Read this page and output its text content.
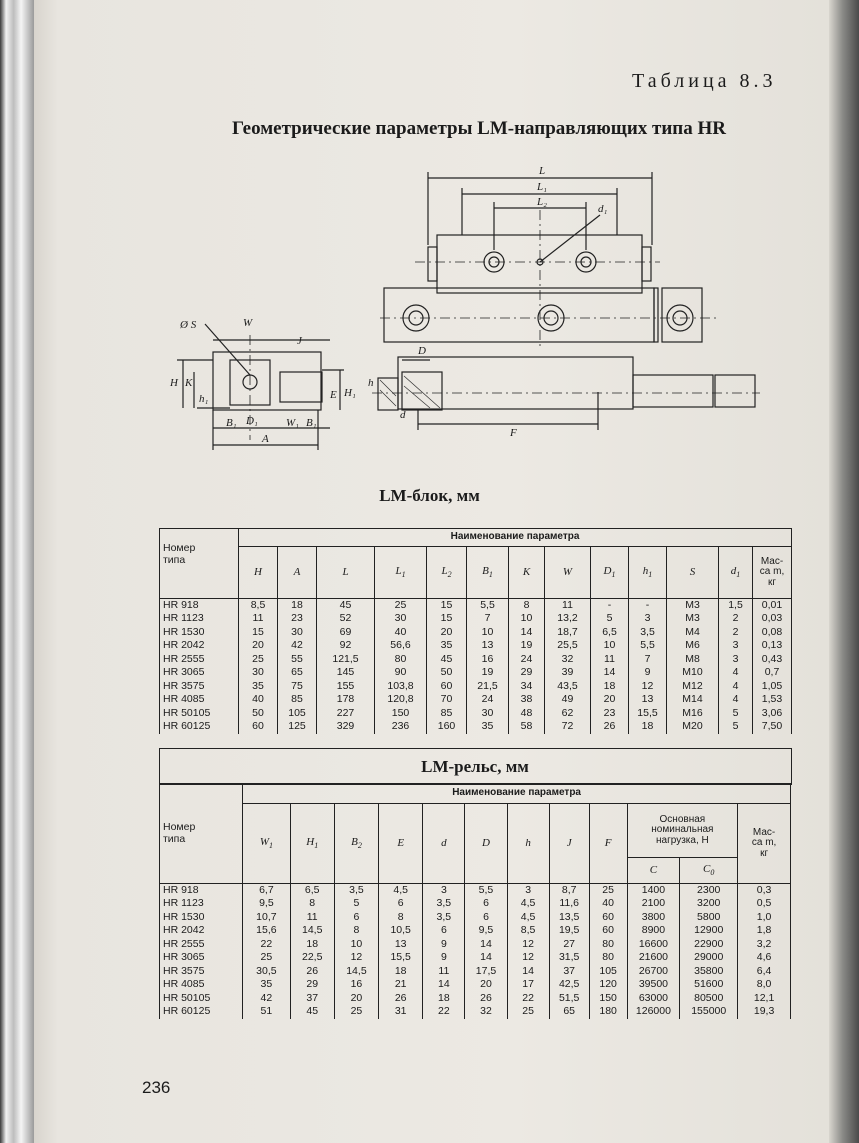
Таблица 8.3
Геометрические параметры LM-направляющих типа HR
L
L₁
L₂
d₁
Ø S	W
J
H K
h₁	E H₁
B₁ D₁	W₁ B₁
A
D
h
d
F
LM-блок, мм
Номер
типа	Наименование параметра												
	H	A	L	$L_1$	$L_2$	$B_1$	K	W	$D_1$	$h_1$	S	$d_1$	Мас-
са m,
кг
HR 918	8,5	18	45	25	15	5,5	8	11	-	-	M3	1,5	0,01
HR 1123	11	23	52	30	15	7	10	13,2	5	3	M3	2	0,03
HR 1530	15	30	69	40	20	10	14	18,7	6,5	3,5	M4	2	0,08
HR 2042	20	42	92	56,6	35	13	19	25,5	10	5,5	M6	3	0,13
HR 2555	25	55	121,5	80	45	16	24	32	11	7	M8	3	0,43
HR 3065	30	65	145	90	50	19	29	39	14	9	M10	4	0,7
HR 3575	35	75	155	103,8	60	21,5	34	43,5	18	12	M12	4	1,05
HR 4085	40	85	178	120,8	70	24	38	49	20	13	M14	4	1,53
HR 50105	50	105	227	150	85	30	48	62	23	15,5	M16	5	3,06
HR 60125	60	125	329	236	160	35	58	72	26	18	M20	5	7,50
LM-рельс, мм
Номер
типа	Наименование параметра											
	$W_1$	$H_1$	$B_2$	E	d	D	h	J	F	Основная
номинальная
нагрузка, Н		Мас-
са m,
кг
										C	$C_0$
HR 918	6,7	6,5	3,5	4,5	3	5,5	3	8,7	25	1400	2300	0,3
HR 1123	9,5	8	5	6	3,5	6	4,5	11,6	40	2100	3200	0,5
HR 1530	10,7	11	6	8	3,5	6	4,5	13,5	60	3800	5800	1,0
HR 2042	15,6	14,5	8	10,5	6	9,5	8,5	19,5	60	8900	12900	1,8
HR 2555	22	18	10	13	9	14	12	27	80	16600	22900	3,2
HR 3065	25	22,5	12	15,5	9	14	12	31,5	80	21600	29000	4,6
HR 3575	30,5	26	14,5	18	11	17,5	14	37	105	26700	35800	6,4
HR 4085	35	29	16	21	14	20	17	42,5	120	39500	51600	8,0
HR 50105	42	37	20	26	18	26	22	51,5	150	63000	80500	12,1
HR 60125	51	45	25	31	22	32	25	65	180	126000	155000	19,3
236
